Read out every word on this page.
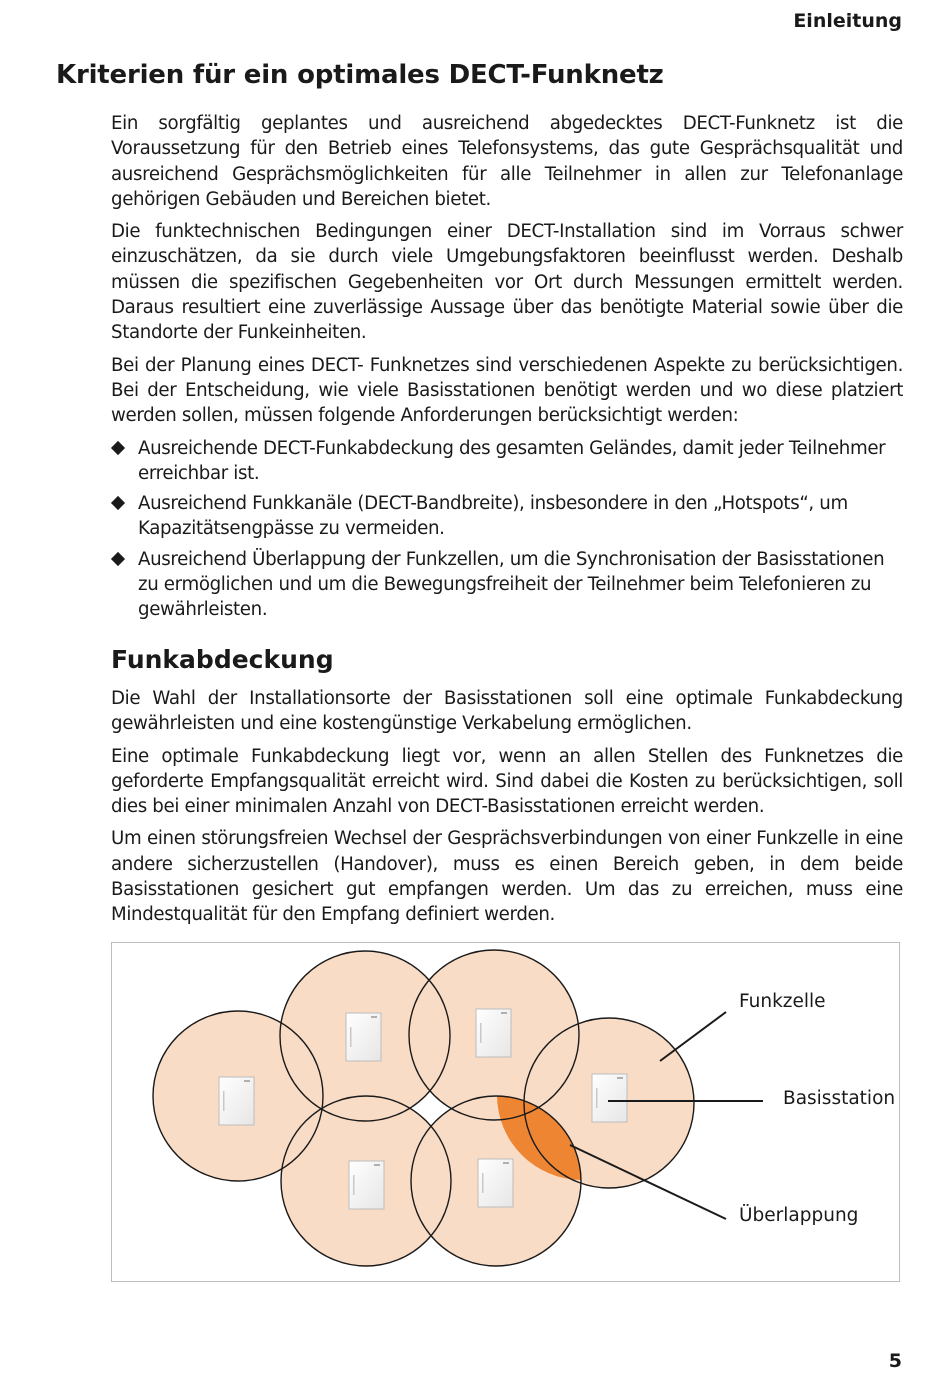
Einleitung
Kriterien für ein optimales DECT-Funknetz

Ein sorgfältig geplantes und ausreichend abgedecktes DECT-Funknetz ist die Voraussetzung für den Betrieb eines Telefonsystems, das gute Gesprächsqualität und ausreichend Gesprächsmöglichkeiten für alle Teilnehmer in allen zur Telefonanlage gehörigen Gebäuden und Bereichen bietet.

Die funktechnischen Bedingungen einer DECT-Installation sind im Vorraus schwer einzuschätzen, da sie durch viele Umgebungsfaktoren beeinflusst werden. Deshalb müssen die spezifischen Gegebenheiten vor Ort durch Messungen ermittelt werden. Daraus resultiert eine zuverlässige Aussage über das benötigte Material sowie über die Standorte der Funkeinheiten.

Bei der Planung eines DECT- Funknetzes sind verschiedenen Aspekte zu berücksichtigen. Bei der Entscheidung, wie viele Basisstationen benötigt werden und wo diese platziert werden sollen, müssen folgende Anforderungen berücksichtigt werden:

Ausreichende DECT-Funkabdeckung des gesamten Geländes, damit jeder Teilnehmer erreichbar ist.
Ausreichend Funkkanäle (DECT-Bandbreite), insbesondere in den „Hotspots“, um Kapazitätsengpässe zu vermeiden.
Ausreichend Überlappung der Funkzellen, um die Synchronisation der Basisstationen zu ermöglichen und um die Bewegungsfreiheit der Teilnehmer beim Telefonieren zu gewährleisten.
Funkabdeckung

Die Wahl der Installationsorte der Basisstationen soll eine optimale Funkabdeckung gewährleisten und eine kostengünstige Verkabelung ermöglichen.

Eine optimale Funkabdeckung liegt vor, wenn an allen Stellen des Funknetzes die geforderte Empfangsqualität erreicht wird. Sind dabei die Kosten zu berücksichtigen, soll dies bei einer minimalen Anzahl von DECT-Basisstationen erreicht werden.

Um einen störungsfreien Wechsel der Gesprächsverbindungen von einer Funkzelle in eine andere sicherzustellen (Handover), muss es einen Bereich geben, in dem beide Basisstationen gesichert gut empfangen werden. Um das zu erreichen, muss eine Mindestqualität für den Empfang definiert werden.

Funkzelle
Basisstation
Überlappung
5
